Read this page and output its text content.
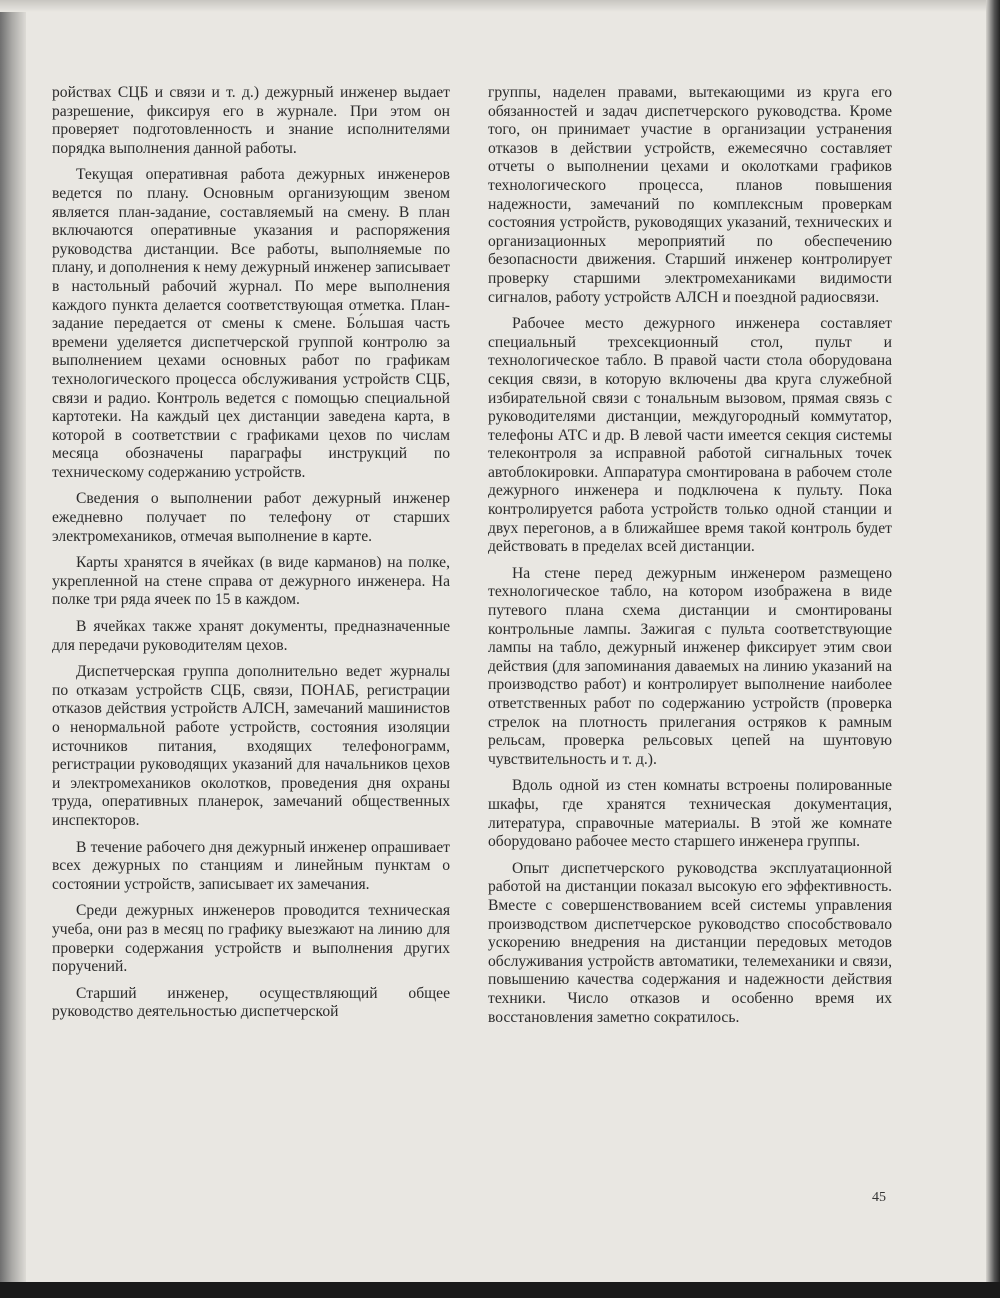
ройствах СЦБ и связи и т. д.) дежурный инженер выдает разрешение, фиксируя его в журнале. При этом он проверяет подготовленность и знание исполнителями порядка выполнения данной работы.

Текущая оперативная работа дежурных инженеров ведется по плану. Основным организующим звеном является план-задание, составляемый на смену. В план включаются оперативные указания и распоряжения руководства дистанции. Все работы, выполняемые по плану, и дополнения к нему дежурный инженер записывает в настольный рабочий журнал. По мере выполнения каждого пункта делается соответствующая отметка. План-задание передается от смены к смене. Бо́льшая часть времени уделяется диспетчерской группой контролю за выполнением цехами основных работ по графикам технологического процесса обслуживания устройств СЦБ, связи и радио. Контроль ведется с помощью специальной картотеки. На каждый цех дистанции заведена карта, в которой в соответствии с графиками цехов по числам месяца обозначены параграфы инструкций по техническому содержанию устройств.

Сведения о выполнении работ дежурный инженер ежедневно получает по телефону от старших электромехаников, отмечая выполнение в карте.

Карты хранятся в ячейках (в виде карманов) на полке, укрепленной на стене справа от дежурного инженера. На полке три ряда ячеек по 15 в каждом.

В ячейках также хранят документы, предназначенные для передачи руководителям цехов.

Диспетчерская группа дополнительно ведет журналы по отказам устройств СЦБ, связи, ПОНАБ, регистрации отказов действия устройств АЛСН, замечаний машинистов о ненормальной работе устройств, состояния изоляции источников питания, входящих телефонограмм, регистрации руководящих указаний для начальников цехов и электромехаников околотков, проведения дня охраны труда, оперативных планерок, замечаний общественных инспекторов.

В течение рабочего дня дежурный инженер опрашивает всех дежурных по станциям и линейным пунктам о состоянии устройств, записывает их замечания.

Среди дежурных инженеров проводится техническая учеба, они раз в месяц по графику выезжают на линию для проверки содержания устройств и выполнения других поручений.

Старший инженер, осуществляющий общее руководство деятельностью диспетчерской

группы, наделен правами, вытекающими из круга его обязанностей и задач диспетчерского руководства. Кроме того, он принимает участие в организации устранения отказов в действии устройств, ежемесячно составляет отчеты о выполнении цехами и околотками графиков технологического процесса, планов повышения надежности, замечаний по комплексным проверкам состояния устройств, руководящих указаний, технических и организационных мероприятий по обеспечению безопасности движения. Старший инженер контролирует проверку старшими электромеханиками видимости сигналов, работу устройств АЛСН и поездной радиосвязи.

Рабочее место дежурного инженера составляет специальный трехсекционный стол, пульт и технологическое табло. В правой части стола оборудована секция связи, в которую включены два круга служебной избирательной связи с тональным вызовом, прямая связь с руководителями дистанции, междугородный коммутатор, телефоны АТС и др. В левой части имеется секция системы телеконтроля за исправной работой сигнальных точек автоблокировки. Аппаратура смонтирована в рабочем столе дежурного инженера и подключена к пульту. Пока контролируется работа устройств только одной станции и двух перегонов, а в ближайшее время такой контроль будет действовать в пределах всей дистанции.

На стене перед дежурным инженером размещено технологическое табло, на котором изображена в виде путевого плана схема дистанции и смонтированы контрольные лампы. Зажигая с пульта соответствующие лампы на табло, дежурный инженер фиксирует этим свои действия (для запоминания даваемых на линию указаний на производство работ) и контролирует выполнение наиболее ответственных работ по содержанию устройств (проверка стрелок на плотность прилегания остряков к рамным рельсам, проверка рельсовых цепей на шунтовую чувствительность и т. д.).

Вдоль одной из стен комнаты встроены полированные шкафы, где хранятся техническая документация, литература, справочные материалы. В этой же комнате оборудовано рабочее место старшего инженера группы.

Опыт диспетчерского руководства эксплуатационной работой на дистанции показал высокую его эффективность. Вместе с совершенствованием всей системы управления производством диспетчерское руководство способствовало ускорению внедрения на дистанции передовых методов обслуживания устройств автоматики, телемеханики и связи, повышению качества содержания и надежности действия техники. Число отказов и особенно время их восстановления заметно сократилось.

45
